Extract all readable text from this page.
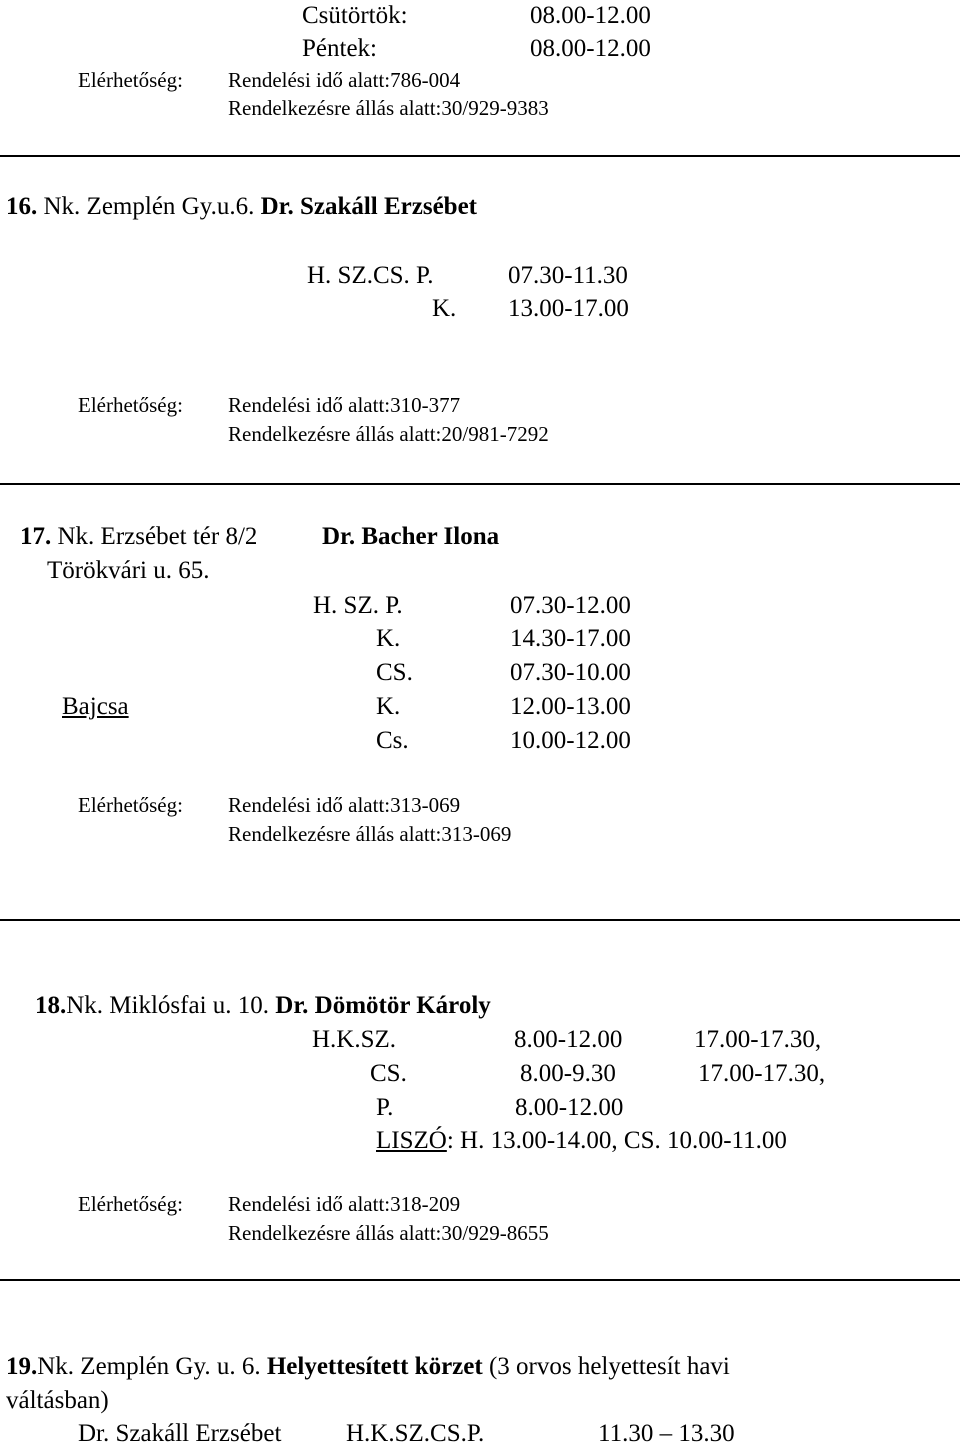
Csütörtök:	08.00-12.00
Péntek:	08.00-12.00
Elérhetőség: Rendelési idő alatt:786-004
Rendelkezésre állás alatt:30/929-9383
16. Nk. Zemplén Gy.u.6. Dr. Szakáll Erzsébet
H. SZ.CS. P.	07.30-11.30
K. 13.00-17.00
Elérhetőség: Rendelési idő alatt:310-377
Rendelkezésre állás alatt:20/981-7292
17. Nk. Erzsébet tér 8/2	Dr. Bacher Ilona
Törökvári u. 65.
H. SZ. P.	07.30-12.00
K.	14.30-17.00
CS.	07.30-10.00
Bajcsa	K.	12.00-13.00
Cs.	10.00-12.00
Elérhetőség: Rendelési idő alatt:313-069
Rendelkezésre állás alatt:313-069
18.Nk. Miklósfai u. 10. Dr. Dömötör Károly
H.K.SZ.	8.00-12.00	17.00-17.30,
CS.	8.00-9.30	17.00-17.30,
P.	8.00-12.00
LISZÓ: H. 13.00-14.00, CS. 10.00-11.00
Elérhetőség: Rendelési idő alatt:318-209
Rendelkezésre állás alatt:30/929-8655
19.Nk. Zemplén Gy. u. 6. Helyettesített körzet (3 orvos helyettesít havi
váltásban)
Dr. Szakáll Erzsébet	H.K.SZ.CS.P.	11.30 – 13.30
